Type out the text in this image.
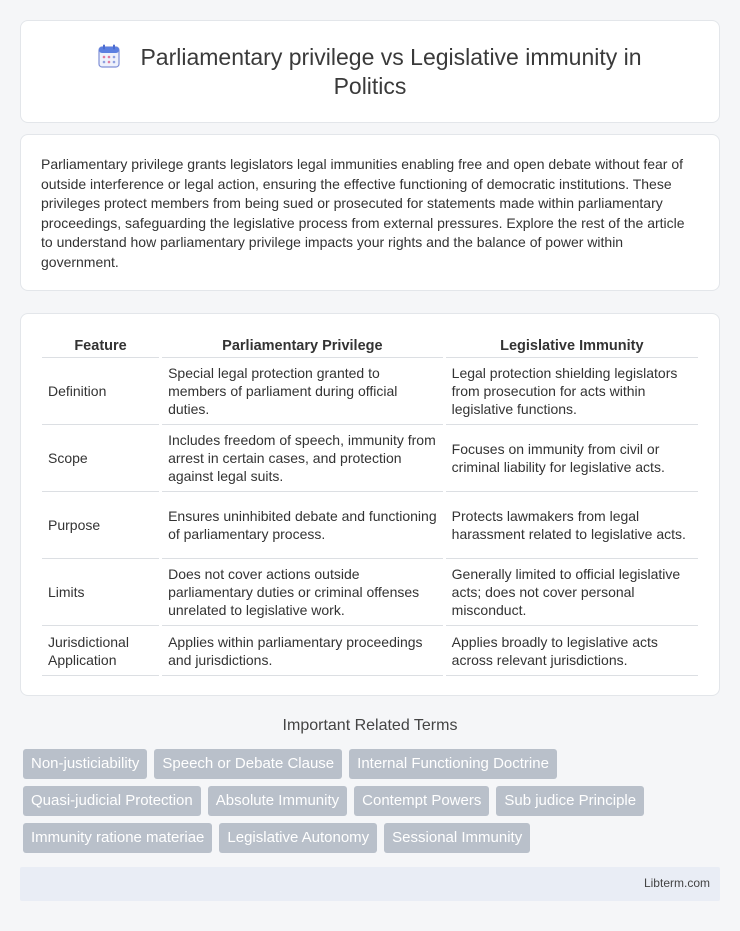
Parliamentary privilege vs Legislative immunity in Politics

Parliamentary privilege grants legislators legal immunities enabling free and open debate without fear of outside interference or legal action, ensuring the effective functioning of democratic institutions. These privileges protect members from being sued or prosecuted for statements made within parliamentary proceedings, safeguarding the legislative process from external pressures. Explore the rest of the article to understand how parliamentary privilege impacts your rights and the balance of power within government.

Feature		Parliamentary Privilege		Legislative Immunity
Definition		Special legal protection granted to members of parliament during official duties.		Legal protection shielding legislators from prosecution for acts within legislative functions.
Scope		Includes freedom of speech, immunity from arrest in certain cases, and protection against legal suits.		Focuses on immunity from civil or criminal liability for legislative acts.
Purpose		Ensures uninhibited debate and functioning of parliamentary process.		Protects lawmakers from legal harassment related to legislative acts.
Limits		Does not cover actions outside parliamentary duties or criminal offenses unrelated to legislative work.		Generally limited to official legislative acts; does not cover personal misconduct.
Jurisdictional Application		Applies within parliamentary proceedings and jurisdictions.		Applies broadly to legislative acts across relevant jurisdictions.
Important Related Terms
Non-justiciability	Speech or Debate Clause	Internal Functioning Doctrine
Quasi-judicial Protection	Absolute Immunity	Contempt Powers	Sub judice Principle
Immunity ratione materiae	Legislative Autonomy	Sessional Immunity
Libterm.com
